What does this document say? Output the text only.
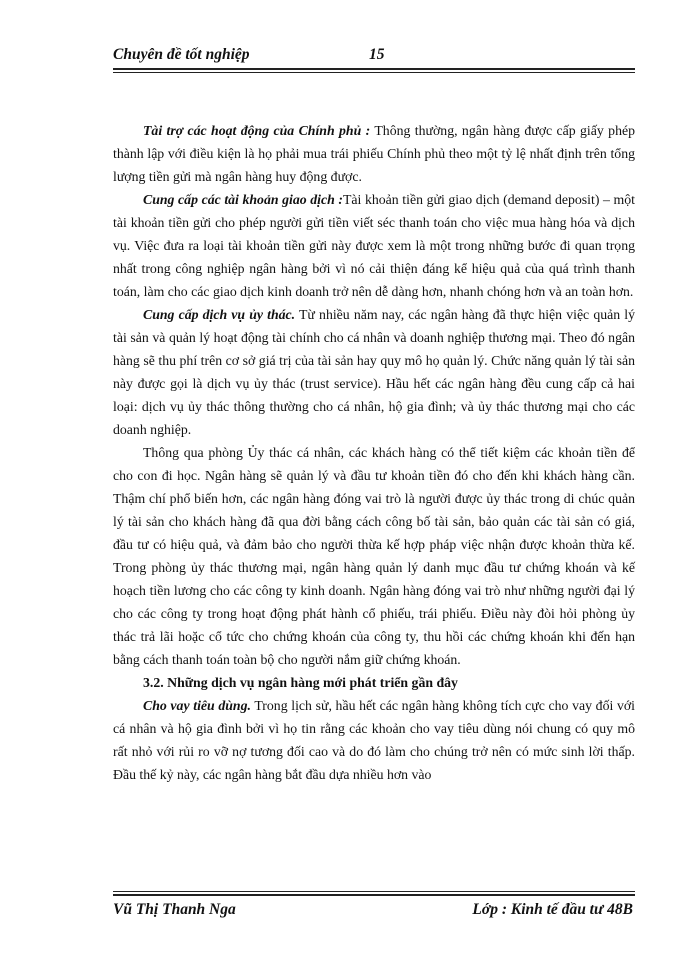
Chuyên đề tốt nghiệp	15

Tài trợ các hoạt động của Chính phủ : Thông thường, ngân hàng được cấp giấy phép thành lập với điều kiện là họ phải mua trái phiếu Chính phủ theo một tỷ lệ nhất định trên tổng lượng tiền gửi mà ngân hàng huy động được.

Cung cấp các tài khoản giao dịch :Tài khoản tiền gửi giao dịch (demand deposit) – một tài khoản tiền gửi cho phép người gửi tiền viết séc thanh toán cho việc mua hàng hóa và dịch vụ. Việc đưa ra loại tài khoản tiền gửi này được xem là một trong những bước đi quan trọng nhất trong công nghiệp ngân hàng bởi vì nó cải thiện đáng kể hiệu quả của quá trình thanh toán, làm cho các giao dịch kinh doanh trở nên dễ dàng hơn, nhanh chóng hơn và an toàn hơn.

Cung cấp dịch vụ ủy thác. Từ nhiều năm nay, các ngân hàng đã thực hiện việc quản lý tài sản và quản lý hoạt động tài chính cho cá nhân và doanh nghiệp thương mại. Theo đó ngân hàng sẽ thu phí trên cơ sở giá trị của tài sản hay quy mô họ quản lý. Chức năng quản lý tài sản này được gọi là dịch vụ ủy thác (trust service). Hầu hết các ngân hàng đều cung cấp cả hai loại: dịch vụ ủy thác thông thường cho cá nhân, hộ gia đình; và ủy thác thương mại cho các doanh nghiệp.

Thông qua phòng Ủy thác cá nhân, các khách hàng có thể tiết kiệm các khoản tiền để cho con đi học. Ngân hàng sẽ quản lý và đầu tư khoản tiền đó cho đến khi khách hàng cần. Thậm chí phổ biến hơn, các ngân hàng đóng vai trò là người được ủy thác trong di chúc quản lý tài sản cho khách hàng đã qua đời bằng cách công bố tài sản, bảo quản các tài sản có giá, đầu tư có hiệu quả, và đảm bảo cho người thừa kế hợp pháp việc nhận được khoản thừa kế. Trong phòng ủy thác thương mại, ngân hàng quản lý danh mục đầu tư chứng khoán và kế hoạch tiền lương cho các công ty kinh doanh. Ngân hàng đóng vai trò như những người đại lý cho các công ty trong hoạt động phát hành cổ phiếu, trái phiếu. Điều này đòi hỏi phòng ủy thác trả lãi hoặc cổ tức cho chứng khoán của công ty, thu hồi các chứng khoán khi đến hạn bằng cách thanh toán toàn bộ cho người nắm giữ chứng khoán.

3.2. Những dịch vụ ngân hàng mới phát triển gần đây

Cho vay tiêu dùng. Trong lịch sử, hầu hết các ngân hàng không tích cực cho vay đối với cá nhân và hộ gia đình bởi vì họ tin rằng các khoản cho vay tiêu dùng nói chung có quy mô rất nhỏ với rủi ro vỡ nợ tương đối cao và do đó làm cho chúng trở nên có mức sinh lời thấp. Đầu thế kỷ này, các ngân hàng bắt đầu dựa nhiều hơn vào

Vũ Thị Thanh Nga	Lớp : Kinh tế đầu tư 48B
